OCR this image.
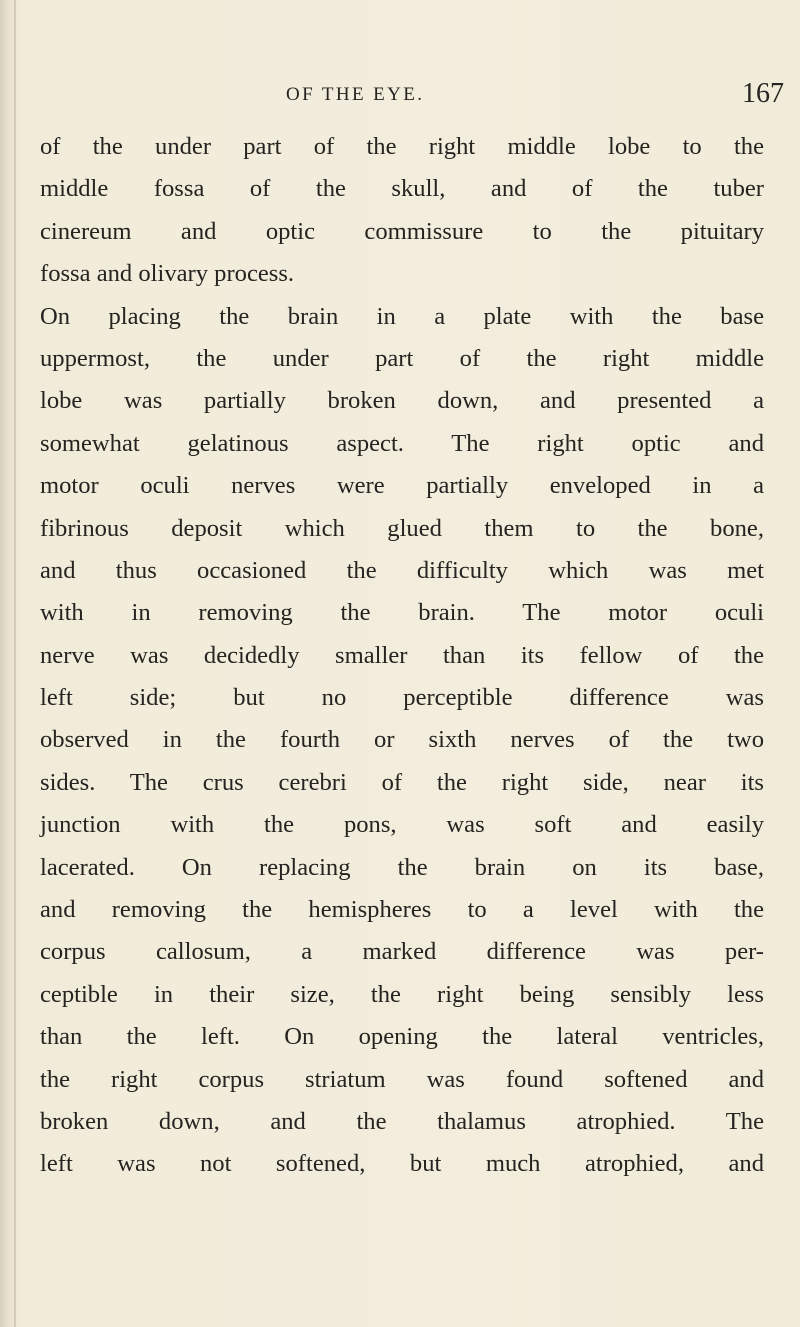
OF THE EYE.	167
of the under part of the right middle lobe to the
middle fossa of the skull, and of the tuber
cinereum and optic commissure to the pituitary
fossa and olivary process.
On placing the brain in a plate with the base
uppermost, the under part of the right middle
lobe was partially broken down, and presented a
somewhat gelatinous aspect. The right optic and
motor oculi nerves were partially enveloped in a
fibrinous deposit which glued them to the bone,
and thus occasioned the difficulty which was met
with in removing the brain. The motor oculi
nerve was decidedly smaller than its fellow of the
left side; but no perceptible difference was
observed in the fourth or sixth nerves of the two
sides. The crus cerebri of the right side, near its
junction with the pons, was soft and easily
lacerated. On replacing the brain on its base,
and removing the hemispheres to a level with the
corpus callosum, a marked difference was per-
ceptible in their size, the right being sensibly less
than the left. On opening the lateral ventricles,
the right corpus striatum was found softened and
broken down, and the thalamus atrophied. The
left was not softened, but much atrophied, and
